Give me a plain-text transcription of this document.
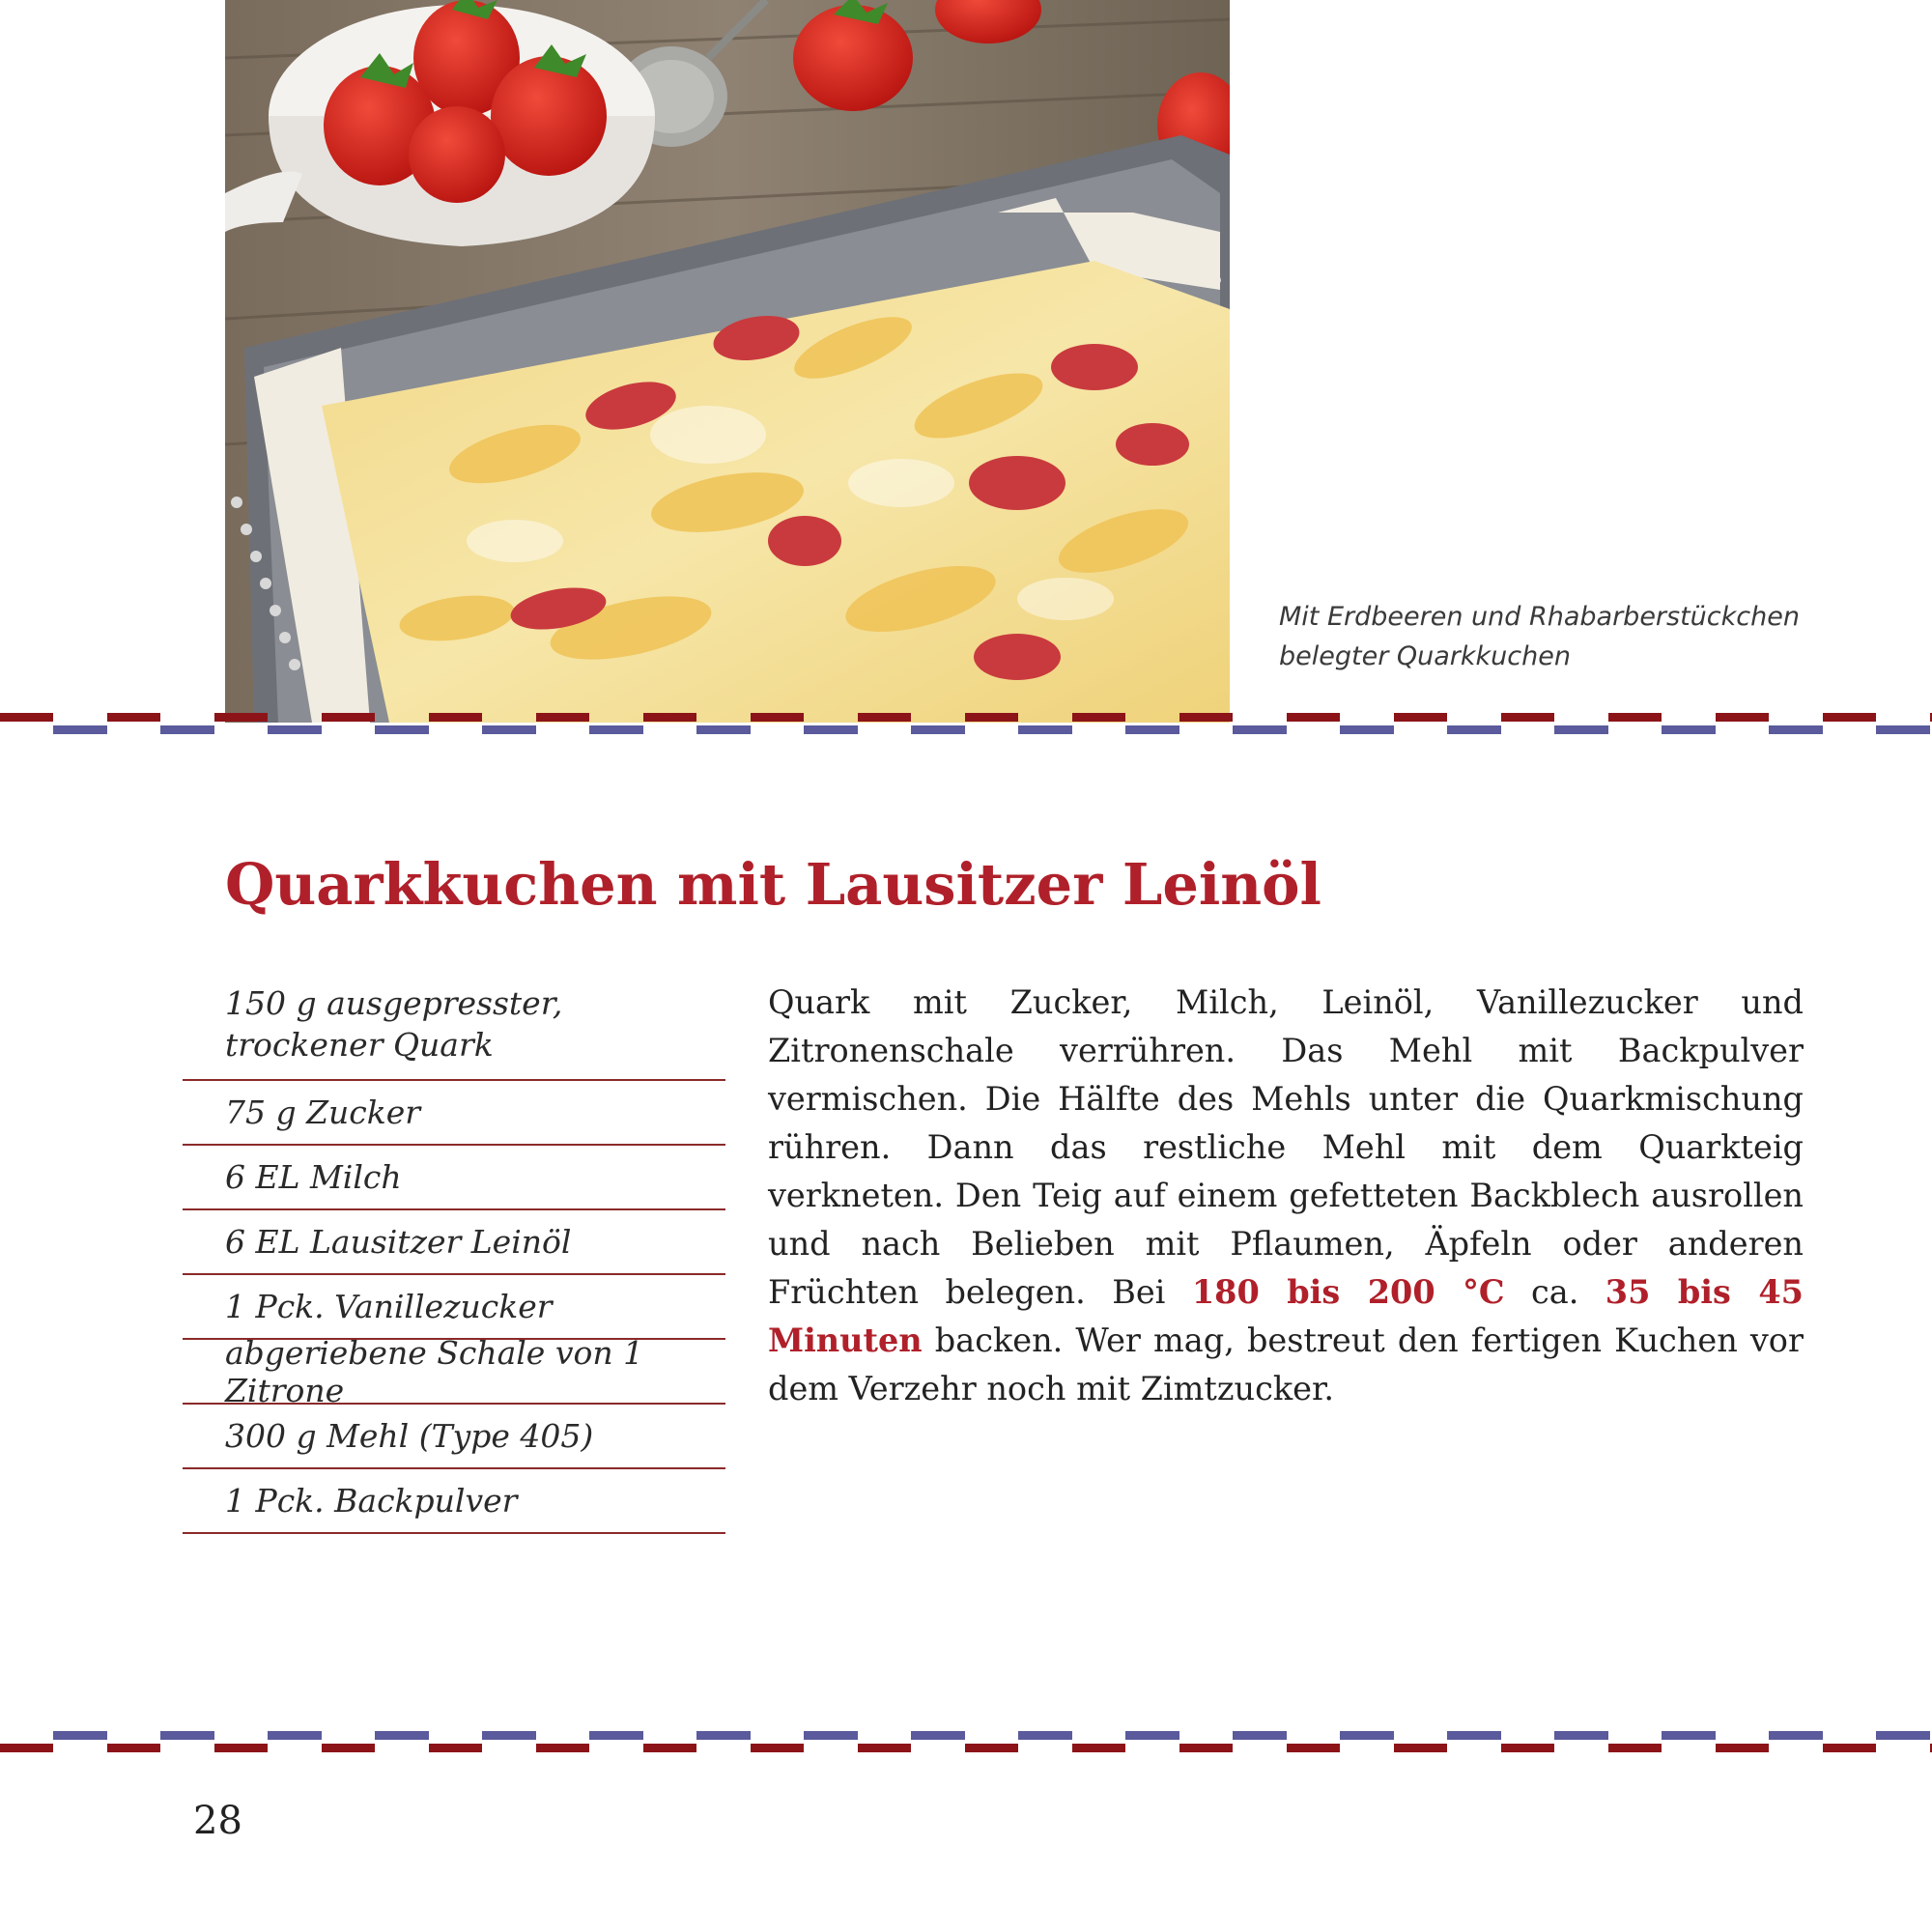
Mit Erdbeeren und Rhabarberstückchen
belegter Quarkkuchen
Quarkkuchen mit Lausitzer Leinöl
150 g ausgepresster,
trockener Quark
75 g Zucker
6 EL Milch
6 EL Lausitzer Leinöl
1 Pck. Vanillezucker
abgeriebene Schale von 1 Zitrone
300 g Mehl (Type 405)
1 Pck. Backpulver

Quark mit Zucker, Milch, Leinöl, Vanillezucker und Zitronenschale verrühren. Das Mehl mit Backpulver vermischen. Die Hälfte des Mehls unter die Quarkmischung rühren. Dann das restliche Mehl mit dem Quarkteig verkneten. Den Teig auf einem gefetteten Backblech ausrollen und nach Belieben mit Pflaumen, Äpfeln oder anderen Früchten belegen. Bei 180 bis 200 °C ca. 35 bis 45 Minuten backen. Wer mag, bestreut den fertigen Kuchen vor dem Verzehr noch mit Zimtzucker.

28
